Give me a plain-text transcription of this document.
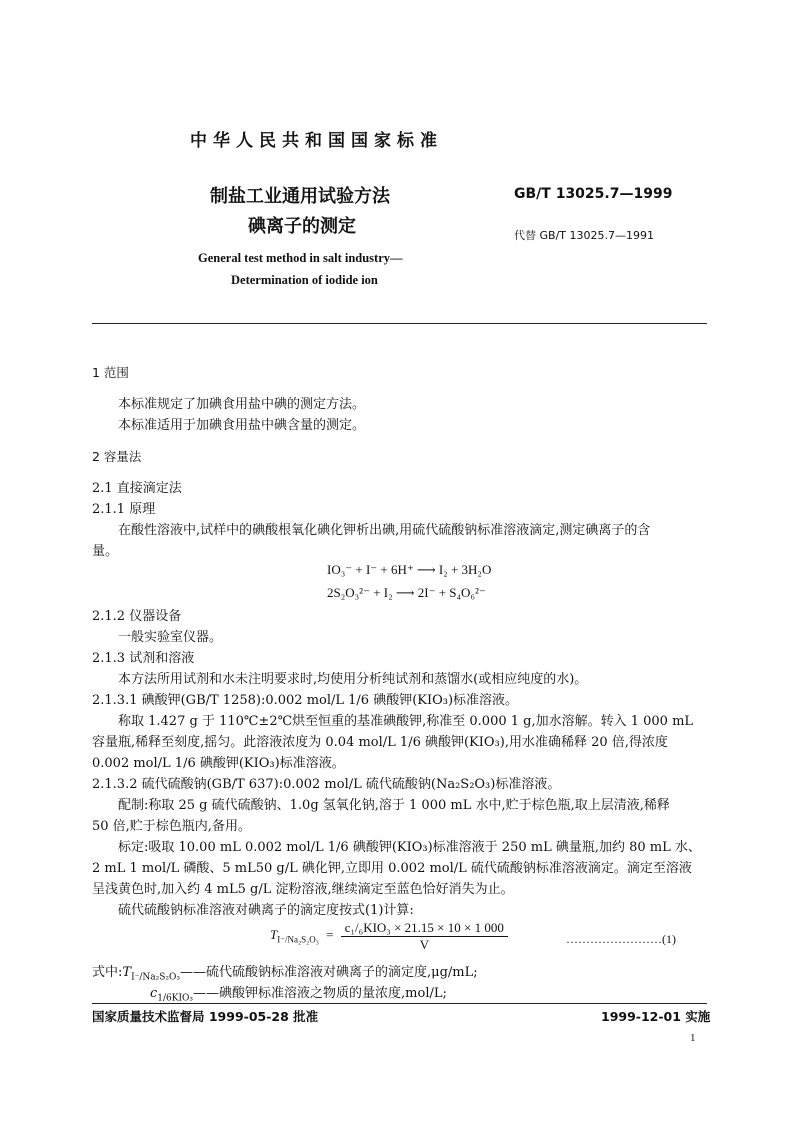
中华人民共和国国家标准
制盐工业通用试验方法
碘离子的测定
GB/T 13025.7—1999
代替 GB/T 13025.7—1991
General test method in salt industry—
Determination of iodide ion
1 范围
本标准规定了加碘食用盐中碘的测定方法。
本标准适用于加碘食用盐中碘含量的测定。
2 容量法
2.1 直接滴定法
2.1.1 原理
在酸性溶液中,试样中的碘酸根氧化碘化钾析出碘,用硫代硫酸钠标准溶液滴定,测定碘离子的含
量。
IO₃⁻ + I⁻ + 6H⁺ ⟶ I₂ + 3H₂O
2S₂O₃²⁻ + I₂ ⟶ 2I⁻ + S₄O₆²⁻
2.1.2 仪器设备
一般实验室仪器。
2.1.3 试剂和溶液
本方法所用试剂和水未注明要求时,均使用分析纯试剂和蒸馏水(或相应纯度的水)。
2.1.3.1 碘酸钾(GB/T 1258):0.002 mol/L 1/6 碘酸钾(KIO₃)标准溶液。
称取 1.427 g 于 110℃±2℃烘至恒重的基准碘酸钾,称准至 0.000 1 g,加水溶解。转入 1 000 mL
容量瓶,稀释至刻度,摇匀。此溶液浓度为 0.04 mol/L 1/6 碘酸钾(KIO₃),用水准确稀释 20 倍,得浓度
0.002 mol/L 1/6 碘酸钾(KIO₃)标准溶液。
2.1.3.2 硫代硫酸钠(GB/T 637):0.002 mol/L 硫代硫酸钠(Na₂S₂O₃)标准溶液。
配制:称取 25 g 硫代硫酸钠、1.0g 氢氧化钠,溶于 1 000 mL 水中,贮于棕色瓶,取上层清液,稀释
50 倍,贮于棕色瓶内,备用。
标定:吸取 10.00 mL 0.002 mol/L 1/6 碘酸钾(KIO₃)标准溶液于 250 mL 碘量瓶,加约 80 mL 水、
2 mL 1 mol/L 磷酸、5 mL50 g/L 碘化钾,立即用 0.002 mol/L 硫代硫酸钠标准溶液滴定。滴定至溶液
呈浅黄色时,加入约 4 mL5 g/L 淀粉溶液,继续滴定至蓝色恰好消失为止。
硫代硫酸钠标准溶液对碘离子的滴定度按式(1)计算:
$T_{I^-/Na_2S_2O_3} = \frac{\text{c₁/₆KIO₃ × 21.15 × 10 × 1 000}}{V}$	……………………(1)
式中$:T_{I^-/Na_2S_2O_3}——$硫代硫酸钠标准溶液对碘离子的滴定度,μg/mL;
$c_{1/6KIO_3}——$碘酸钾标准溶液之物质的量浓度,mol/L;
国家质量技术监督局 1999-05-28 批准	1999-12-01 实施
1
